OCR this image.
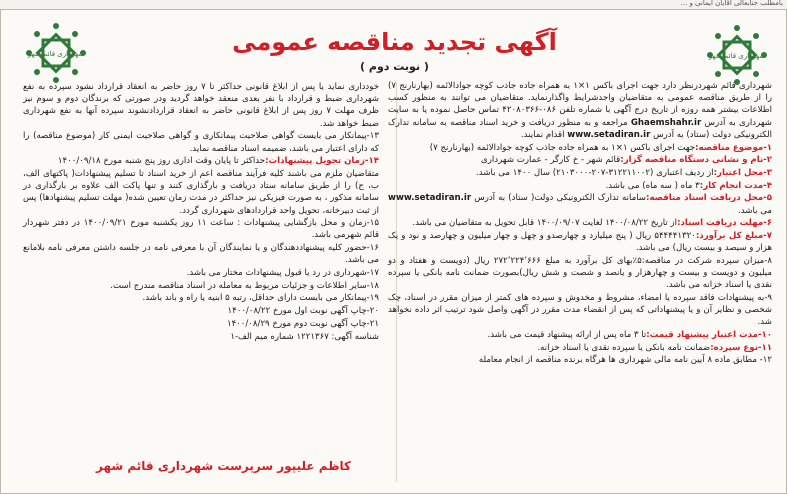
بامطلب جنابعالی آقایان ایمانی و ...
شهرداری قائم شهر
شهرداری قائم شهر	آگهی تجدید مناقصه عمومی
( نوبت دوم )

شهرداری قائم شهردرنظر دارد جهت اجرای باکس ۱×۱ به همراه جاده جاذب کوچه جوادالائمه (بهارنارنج ۷) را از طریق مناقصه عمومی به متقاضیان واجدشرایط واگذارنماید. متقاضیان می توانند به منظور کسب اطلاعات بیشتر همه روزه از تاریخ درج آگهی با شماره تلفن ۰۸۶-۴۲۰۸۰۳۶۶ تماس حاصل نموده یا به سایت شهرداری به آدرس Ghaemshahr.ir مراجعه و به منظور دریافت و خرید اسناد مناقصه به سامانه تدارک الکترونیکی دولت (ستاد) به آدرس www.setadiran.ir اقدام نمایند.

۱-موضوع مناقصه:جهت اجرای باکس ۱×۱ به همراه جاده جاذب کوچه جوادالائمه (بهارنارنج ۷)

۲-نام و نشانی دستگاه مناقصه گزار:قائم شهر - خ کارگر - عمارت شهرداری

۳-محل اعتبار:از ردیف اعتباری (۳۱۲۲۱۱۰۰۲-۲۰۷-۲۱۰۳۰۰۰) سال ۱۴۰۰ می باشد.

۴-مدت انجام کار:۳ ماه ( سه ماه) می باشد.

۵-محل دریافت اسناد مناقصه:سامانه تدارک الکترونیکی دولت( ستاد) به آدرس www.setadiran.ir می باشد.

۶-مهلت دریافت اسناد:از تاریخ ۱۴۰۰/۰۸/۲۲ لغایت ۱۴۰۰/۰۹/۰۷ قابل تحویل به متقاضیان می باشد.

۷-مبلغ کل برآورد:۵۴۴۴۴۱۳۲۰ ریال ( پنج میلیارد و چهارصدو و چهل و چهار میلیون و چهارصد و نود و یک هزار و سیصد و بیست ریال) می باشد.

۸-میزان سپرده شرکت در مناقصه:۵٪بهای کل برآورد به مبلغ ۲۷۲٬۲۲۴٬۶۶۶ ریال (دویست و هفتاد و دو میلیون و دویست و بیست و چهارهزار و یانصد و شصت و شش ریال)بصورت ضمانت نامه بانکی یا سپرده نقدی یا اسناد خزانه می باشد.

۹-به پیشنهادات فاقد سپرده یا امضاء، مشروط و مخدوش و سپرده های کمتر از میزان مقرر در اسناد، چک شخصی و نظایر آن و یا پیشنهاداتی که پس از انقضاء مدت مقرر در آگهی واصل شود ترتیب اثر داده نخواهد شد.

۱۰-مدت اعتبار پیشنهاد قیمت:تا ۳ ماه پس از ارائه پیشنهاد قیمت می باشد.

۱۱-نوع سپرده:ضمانت نامه بانکی یا سپرده نقدی یا اسناد خزانه.

۱۲- مطابق ماده ۸ آیین نامه مالی شهرداری ها هرگاه برنده مناقصه از انجام معامله

خودداری نماید یا پس از ابلاغ قانونی حداکثر تا ۷ روز حاضر به انعقاد قرارداد نشود سپرده به نفع شهرداری ضبط و قرارداد با نفر بعدی منعقد خواهد گردید ودر صورتی که برندگان دوم و سوم نیز ظرف مهلت ۷ روز پس از ابلاغ قانونی حاضر به انعقاد قراردادنشوند سپرده آنها به نفع شهرداری ضبط خواهد شد.

۱۳-پیمانکار می بایست گواهی صلاحیت پیمانکاری و گواهی صلاحیت ایمنی کار (موضوع مناقصه) را که دارای اعتبار می باشد، ضمیمه اسناد مناقصه نماید.

۱۴-زمان تحویل پیشنهادات:حداکثر تا پایان وقت اداری روز پنج شنبه مورخ ۱۴۰۰/۰۹/۱۸

متقاضیان ملزم می باشند کلیه فرآیند مناقصه اعم از خرید اسناد تا تسلیم پیشنهادات( پاکتهای الف، ب، ج) را از طریق سامانه ستاد دریافت و بارگذاری کنند و تنها پاکت الف علاوه بر بارگذاری در سامانه مذکور ، به صورت فیزیکی نیز حداکثر در مدت زمان تعیین شده( مهلت تسلیم پیشنهادها) پس از ثبت دبیرخانه، تحویل واحد قراردادهای شهرداری گردد.

۱۵-زمان و محل بازگشایی پیشنهادات : ساعت ۱۱ روز یکشنبه مورخ ۱۴۰۰/۰۹/۲۱ در دفتر شهردار قائم شهرمی باشد.

۱۶-حضور کلیه پیشنهاددهندگان و یا نمایندگان آن با معرفی نامه در جلسه داشتن معرفی نامه بلامانع می باشد.

۱۷-شهرداری در رد یا قبول پیشنهادات مختار می باشد.

۱۸-سایر اطلاعات و جزئیات مربوط به معامله در اسناد مناقصه مندرج است.

۱۹-پیمانکار می بایست دارای حداقل، رتبه ۵ ابنیه یا راه و باند باشد.

۲۰-چاپ آگهی نوبت اول مورخ ۱۴۰۰/۰۸/۲۲

۲۱-چاپ آگهی نوبت دوم مورخ ۱۴۰۰/۰۸/۲۹

شناسه آگهی: ۱۲۲۱۳۶۷ شماره میم الف-۱

کاظم علیپور سرپرست شهرداری قائم شهر
